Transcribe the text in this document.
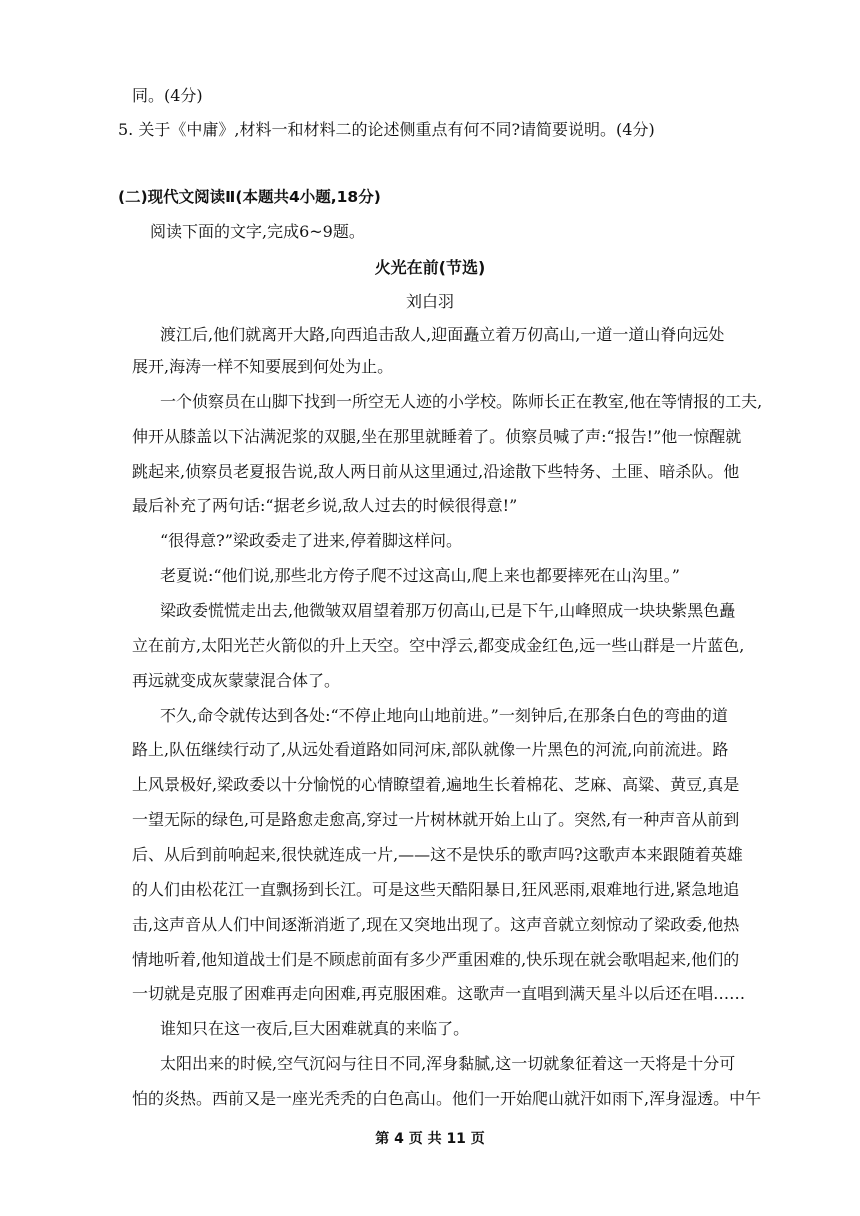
同。(4分)
5. 关于《中庸》,材料一和材料二的论述侧重点有何不同?请简要说明。(4分)
(二)现代文阅读Ⅱ(本题共4小题,18分)
阅读下面的文字,完成6~9题。
火光在前(节选)
刘白羽
渡江后,他们就离开大路,向西追击敌人,迎面矗立着万仞高山,一道一道山脊向远处
展开,海涛一样不知要展到何处为止。
一个侦察员在山脚下找到一所空无人迹的小学校。陈师长正在教室,他在等情报的工夫,
伸开从膝盖以下沾满泥浆的双腿,坐在那里就睡着了。侦察员喊了声:“报告!”他一惊醒就
跳起来,侦察员老夏报告说,敌人两日前从这里通过,沿途散下些特务、土匪、暗杀队。他
最后补充了两句话:“据老乡说,敌人过去的时候很得意!”
“很得意?”梁政委走了进来,停着脚这样问。
老夏说:“他们说,那些北方侉子爬不过这高山,爬上来也都要摔死在山沟里。”
梁政委慌慌走出去,他微皱双眉望着那万仞高山,已是下午,山峰照成一块块紫黑色矗
立在前方,太阳光芒火箭似的升上天空。空中浮云,都变成金红色,远一些山群是一片蓝色,
再远就变成灰蒙蒙混合体了。
不久,命令就传达到各处:“不停止地向山地前进。”一刻钟后,在那条白色的弯曲的道
路上,队伍继续行动了,从远处看道路如同河床,部队就像一片黑色的河流,向前流进。路
上风景极好,梁政委以十分愉悦的心情瞭望着,遍地生长着棉花、芝麻、高粱、黄豆,真是
一望无际的绿色,可是路愈走愈高,穿过一片树林就开始上山了。突然,有一种声音从前到
后、从后到前响起来,很快就连成一片,——这不是快乐的歌声吗?这歌声本来跟随着英雄
的人们由松花江一直飘扬到长江。可是这些天酷阳暴日,狂风恶雨,艰难地行进,紧急地追
击,这声音从人们中间逐渐消逝了,现在又突地出现了。这声音就立刻惊动了梁政委,他热
情地听着,他知道战士们是不顾虑前面有多少严重困难的,快乐现在就会歌唱起来,他们的
一切就是克服了困难再走向困难,再克服困难。这歌声一直唱到满天星斗以后还在唱……
谁知只在这一夜后,巨大困难就真的来临了。
太阳出来的时候,空气沉闷与往日不同,浑身黏腻,这一切就象征着这一天将是十分可
怕的炎热。西前又是一座光秃秃的白色高山。他们一开始爬山就汗如雨下,浑身湿透。中午
第 4 页 共 11 页
